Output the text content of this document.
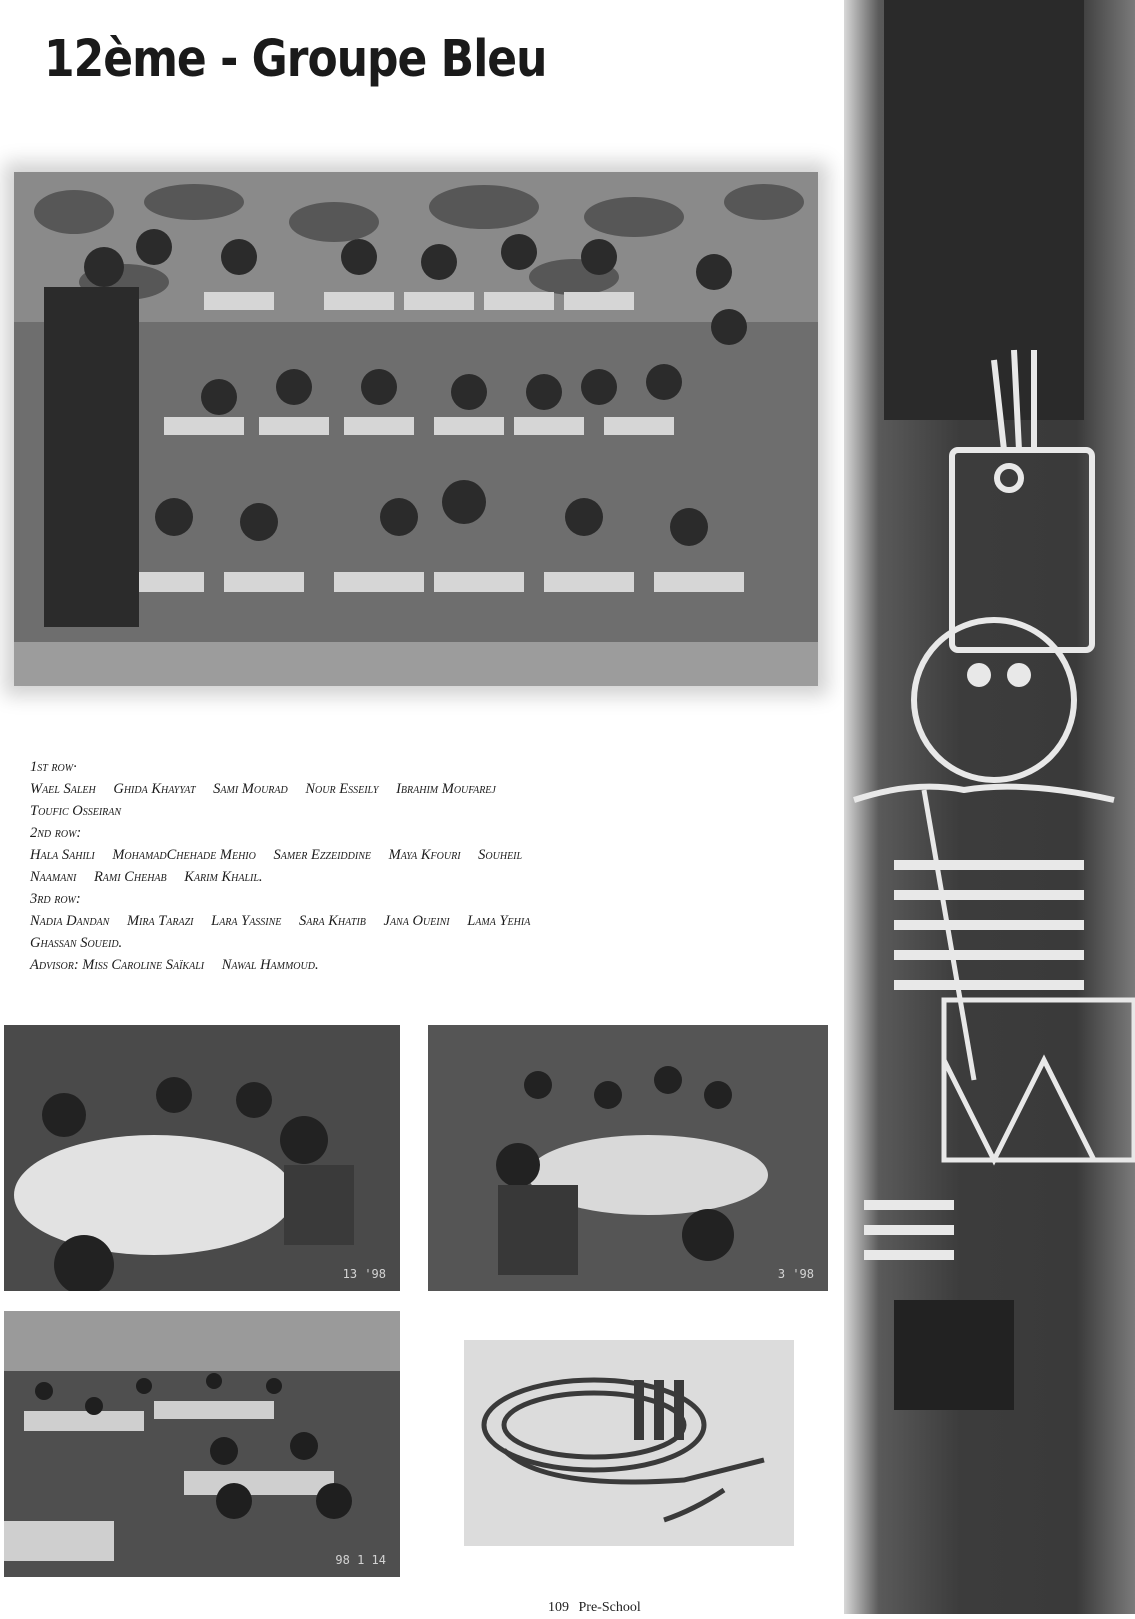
12ème - Groupe Bleu
1st row·
Wael Saleh Ghida Khayyat Sami Mourad Nour Esseily Ibrahim Moufarej
Toufic Osseiran
2nd row:
Hala Sahili MohamadChehade Mehio Samer Ezzeiddine Maya Kfouri Souheil
Naamani Rami Chehab Karim Khalil.
3rd row:
Nadia Dandan Mira Tarazi Lara Yassine Sara Khatib Jana Oueini Lama Yehia
Ghassan Soueid.
Advisor: Miss Caroline Saïkali Nawal Hammoud.
13 '98	3 '98
98 1 14
109 Pre-School
